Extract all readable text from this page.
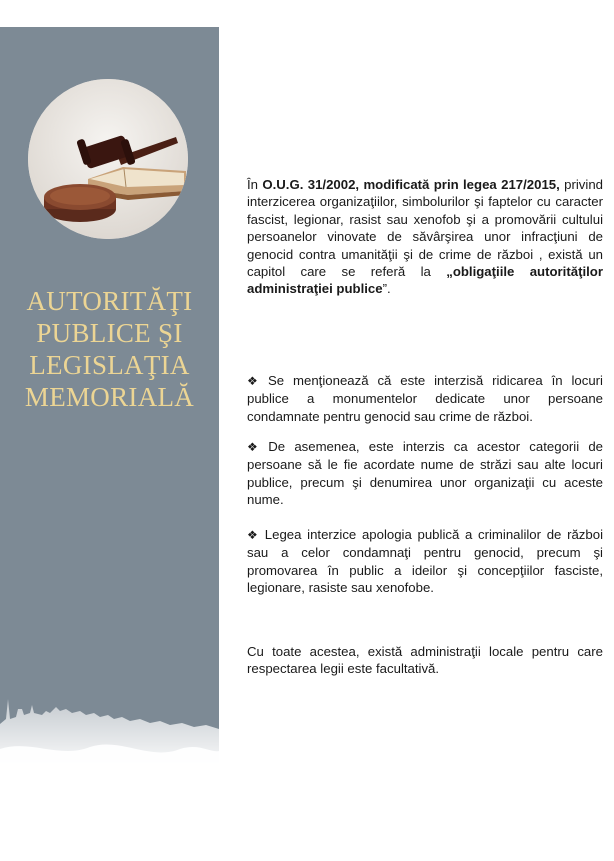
AUTORITĂŢI
PUBLICE ŞI
LEGISLAŢIA
MEMORIALĂ
În O.U.G. 31/2002, modificată prin legea 217/2015, privind interzicerea organizaţiilor, simbolurilor şi faptelor cu caracter fascist, legionar, rasist sau xenofob şi a promovării cultului persoanelor vinovate de săvârşirea unor infracţiuni de genocid contra umanităţii şi de crime de război , există un capitol care se referă la „obligaţiile autorităţilor administraţiei publice”.
❖ Se menţionează că este interzisă ridicarea în locuri publice a monumentelor dedicate unor persoane condamnate pentru genocid sau crime de război.
❖ De asemenea, este interzis ca acestor categorii de persoane să le fie acordate nume de străzi sau alte locuri publice, precum şi denumirea unor organizaţii cu aceste nume.
❖ Legea interzice apologia publică a criminalilor de război sau a celor condamnaţi pentru genocid, precum şi promovarea în public a ideilor şi concepţiilor fasciste, legionare, rasiste sau xenofobe.
Cu toate acestea, există administraţii locale pentru care respectarea legii este facultativă.
